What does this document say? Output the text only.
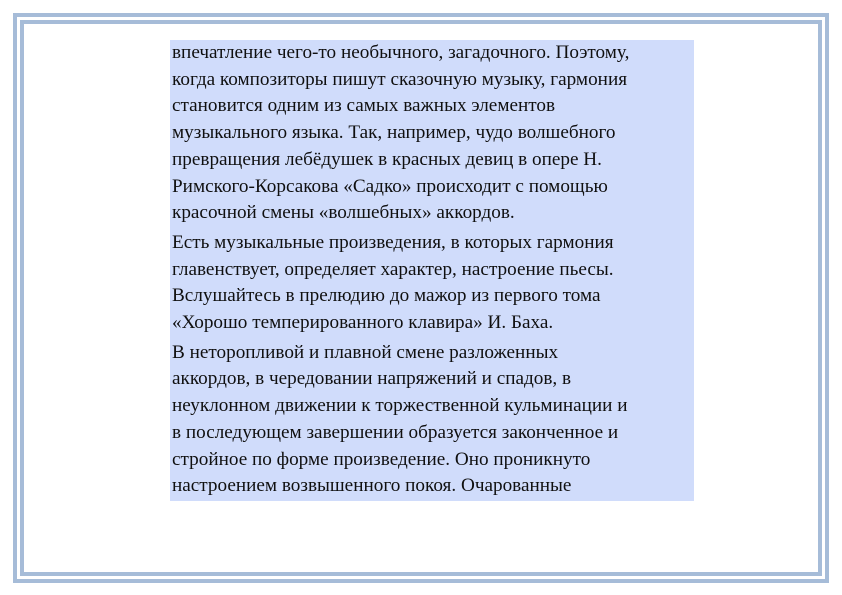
впечатление чего-то необычного, загадочного. Поэтому,
когда композиторы пишут сказочную музыку, гармония
становится одним из самых важных элементов
музыкального языка. Так, например, чудо волшебного
превращения лебёдушек в красных девиц в опере Н.
Римского-Корсакова «Садко» происходит с помощью
красочной смены «волшебных» аккордов.

Есть музыкальные произведения, в которых гармония
главенствует, определяет характер, настроение пьесы.
Вслушайтесь в прелюдию до мажор из первого тома
«Хорошо темперированного клавира» И. Баха.

В неторопливой и плавной смене разложенных
аккордов, в чередовании напряжений и спадов, в
неуклонном движении к торжественной кульминации и
в последующем завершении образуется законченное и
стройное по форме произведение. Оно проникнуто
настроением возвышенного покоя. Очарованные
